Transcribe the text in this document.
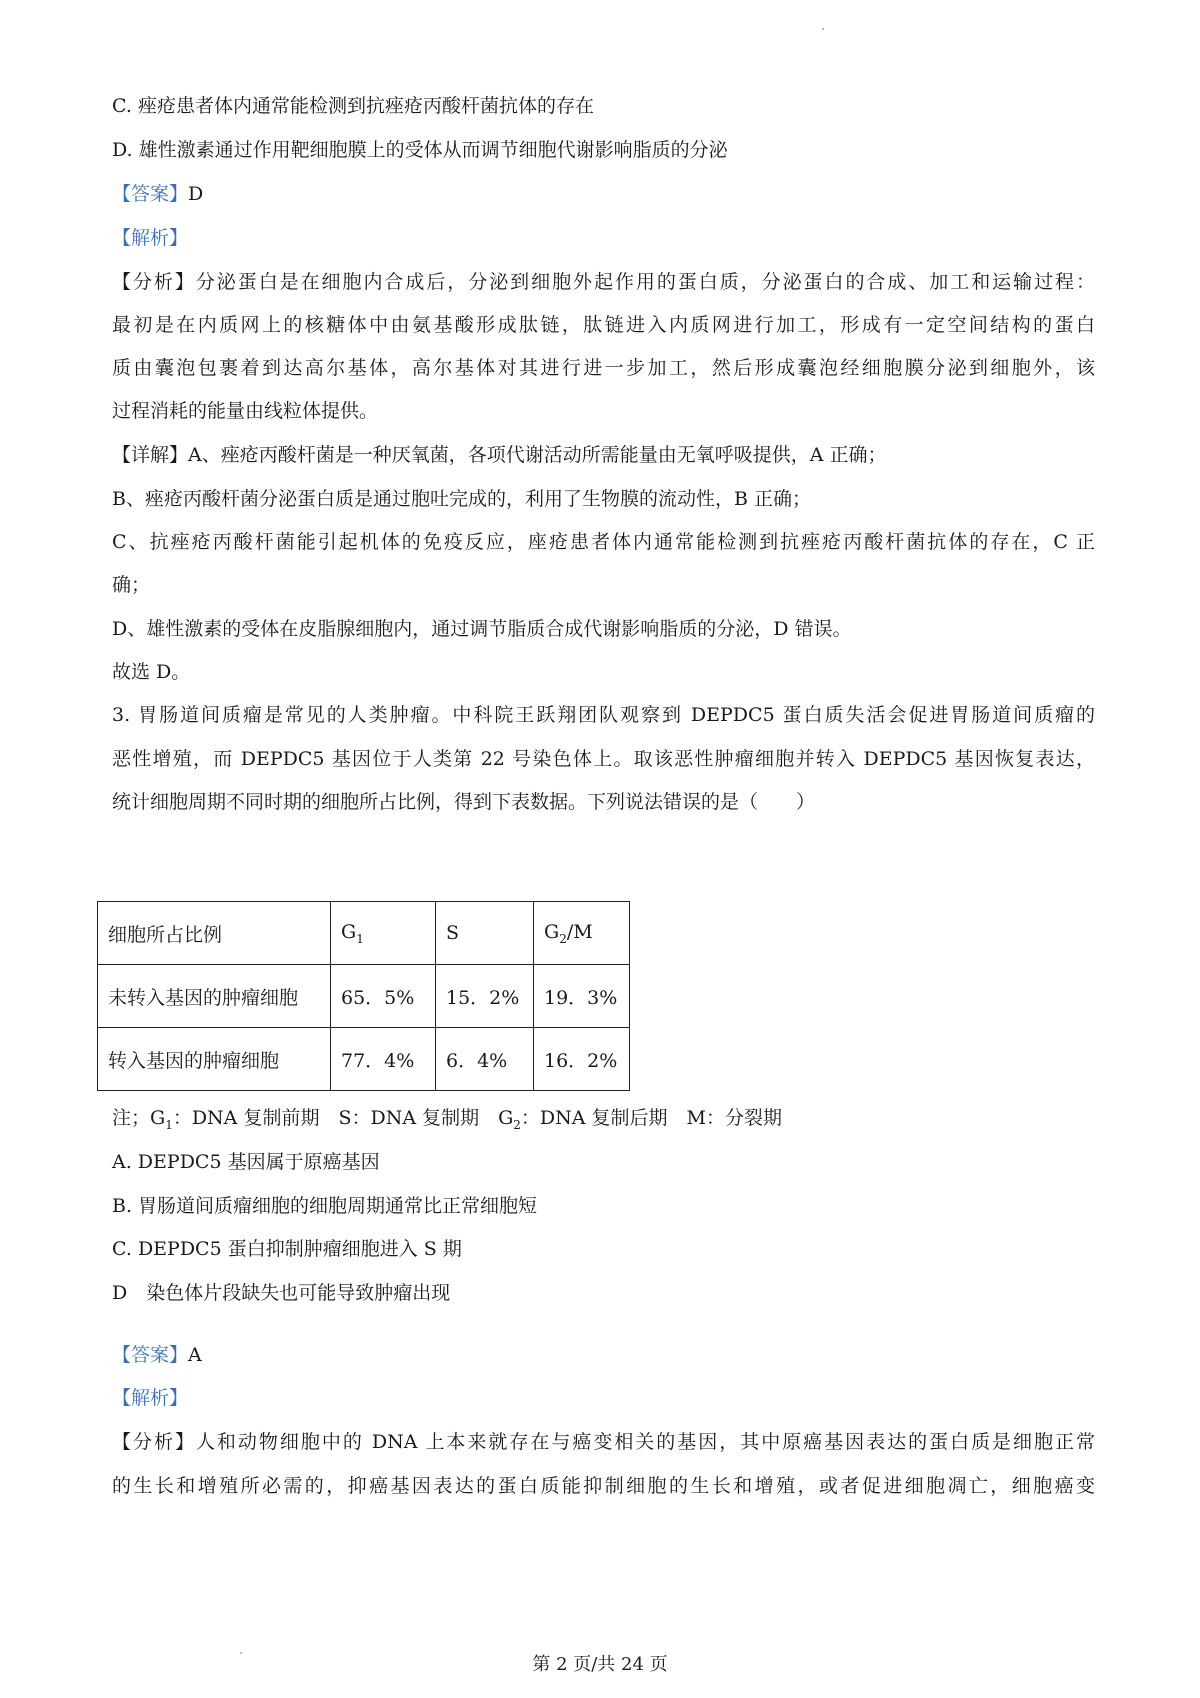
C. 痤疮患者体内通常能检测到抗痤疮丙酸杆菌抗体的存在
D. 雄性激素通过作用靶细胞膜上的受体从而调节细胞代谢影响脂质的分泌
【答案】D
【解析】
【分析】分泌蛋白是在细胞内合成后，分泌到细胞外起作用的蛋白质，分泌蛋白的合成、加工和运输过程：
最初是在内质网上的核糖体中由氨基酸形成肽链，肽链进入内质网进行加工，形成有一定空间结构的蛋白
质由囊泡包裹着到达高尔基体，高尔基体对其进行进一步加工，然后形成囊泡经细胞膜分泌到细胞外，该
过程消耗的能量由线粒体提供。
【详解】A、痤疮丙酸杆菌是一种厌氧菌，各项代谢活动所需能量由无氧呼吸提供，A 正确；
B、痤疮丙酸杆菌分泌蛋白质是通过胞吐完成的，利用了生物膜的流动性，B 正确；
C、抗痤疮丙酸杆菌能引起机体的免疫反应，座疮患者体内通常能检测到抗痤疮丙酸杆菌抗体的存在，C 正
确；
D、雄性激素的受体在皮脂腺细胞内，通过调节脂质合成代谢影响脂质的分泌，D 错误。
故选 D。
3. 胃肠道间质瘤是常见的人类肿瘤。中科院王跃翔团队观察到 DEPDC5 蛋白质失活会促进胃肠道间质瘤的
恶性增殖，而 DEPDC5 基因位于人类第 22 号染色体上。取该恶性肿瘤细胞并转入 DEPDC5 基因恢复表达，
统计细胞周期不同时期的细胞所占比例，得到下表数据。下列说法错误的是（　　）
细胞所占比例	$G_1$	S	$G_2/M$
未转入基因的肿瘤细胞	65．5%	15．2%	19．3%
转入基因的肿瘤细胞	77．4%	6．4%	16．2%
注；$G_1$：DNA 复制前期　S：DNA 复制期　$G_2$：DNA 复制后期　M：分裂期
A. DEPDC5 基因属于原癌基因
B. 胃肠道间质瘤细胞的细胞周期通常比正常细胞短
C. DEPDC5 蛋白抑制肿瘤细胞进入 S 期
D　染色体片段缺失也可能导致肿瘤出现
【答案】A
【解析】
【分析】人和动物细胞中的 DNA 上本来就存在与癌变相关的基因，其中原癌基因表达的蛋白质是细胞正常
的生长和增殖所必需的，抑癌基因表达的蛋白质能抑制细胞的生长和增殖，或者促进细胞凋亡，细胞癌变
第 2 页/共 24 页
